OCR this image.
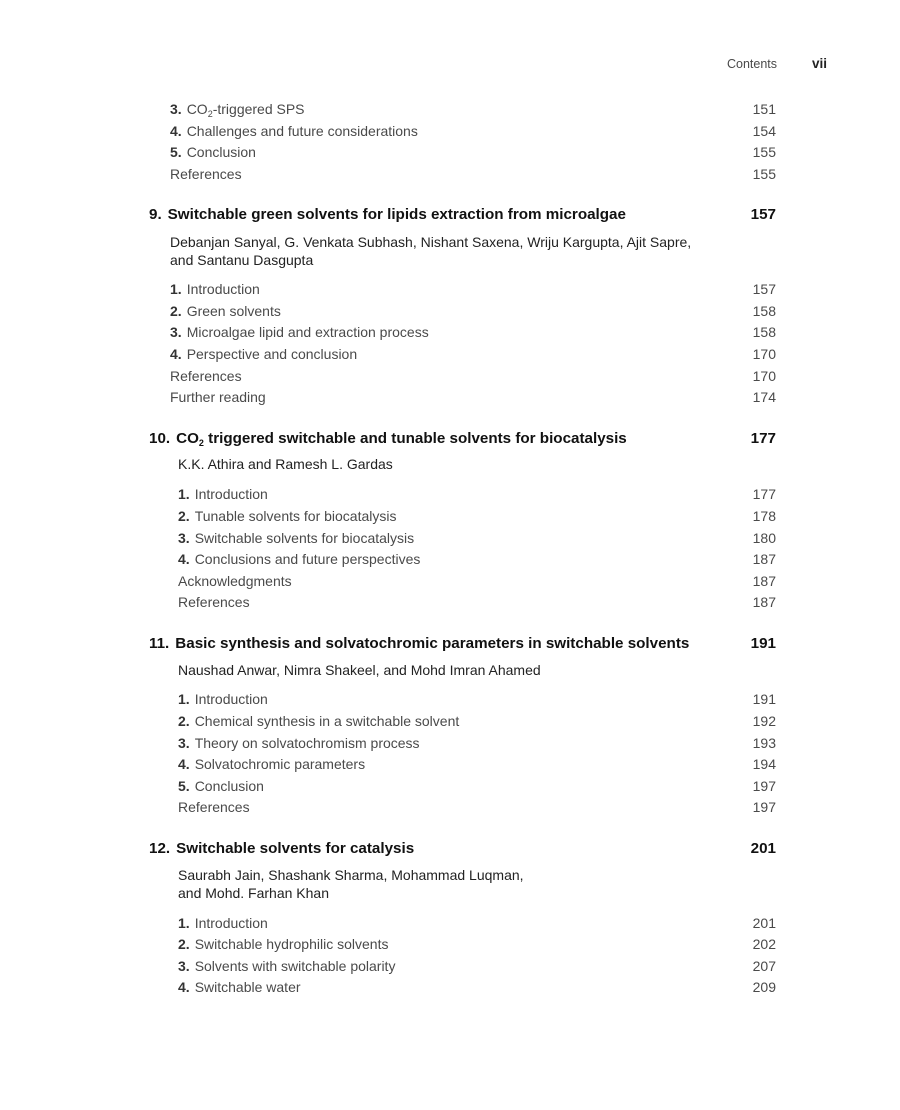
Contents	vii
3. $CO_2$-triggered SPS	151
4. Challenges and future considerations	154
5. Conclusion	155
References	155
9. Switchable green solvents for lipids extraction from microalgae	157
Debanjan Sanyal, G. Venkata Subhash, Nishant Saxena, Wriju Kargupta, Ajit Sapre,
and Santanu Dasgupta
1. Introduction	157
2. Green solvents	158
3. Microalgae lipid and extraction process	158
4. Perspective and conclusion	170
References	170
Further reading	174
10. $CO_2$ triggered switchable and tunable solvents for biocatalysis	177
K.K. Athira and Ramesh L. Gardas
1. Introduction	177
2. Tunable solvents for biocatalysis	178
3. Switchable solvents for biocatalysis	180
4. Conclusions and future perspectives	187
Acknowledgments	187
References	187
11. Basic synthesis and solvatochromic parameters in switchable solvents	191
Naushad Anwar, Nimra Shakeel, and Mohd Imran Ahamed
1. Introduction	191
2. Chemical synthesis in a switchable solvent	192
3. Theory on solvatochromism process	193
4. Solvatochromic parameters	194
5. Conclusion	197
References	197
12. Switchable solvents for catalysis	201
Saurabh Jain, Shashank Sharma, Mohammad Luqman,
and Mohd. Farhan Khan
1. Introduction	201
2. Switchable hydrophilic solvents	202
3. Solvents with switchable polarity	207
4. Switchable water	209
